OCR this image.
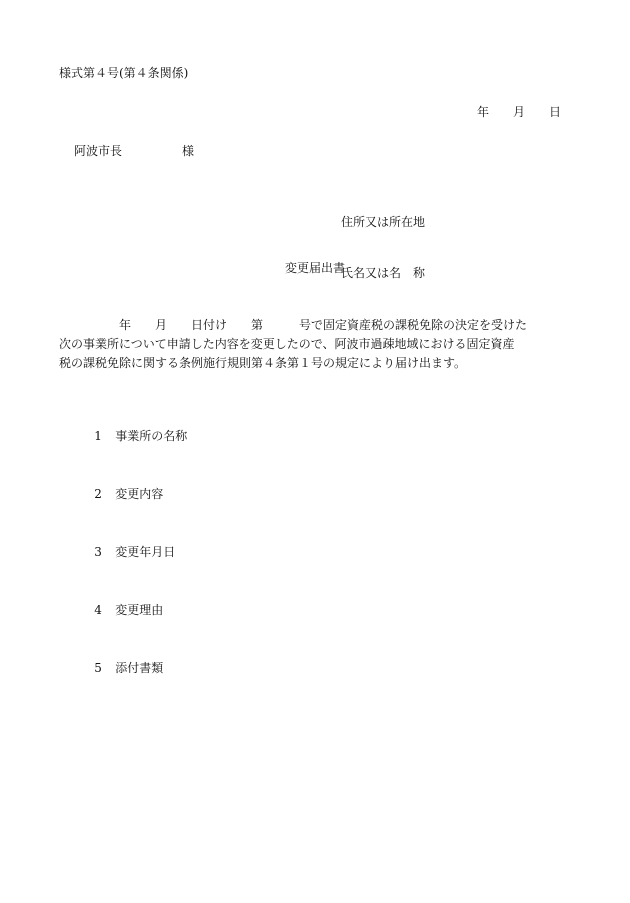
様式第４号(第４条関係)
年　　月　　日
阿波市長　　　　　様

住所又は所在地

氏名又は名　称

変更届出書
　　　　　年　　月　　日付け　　第　　　号で固定資産税の課税免除の決定を受けた
次の事業所について申請した内容を変更したので、阿波市過疎地域における固定資産
税の課税免除に関する条例施行規則第４条第１号の規定により届け出ます。

1 事業所の名称

2 変更内容

3 変更年月日

4 変更理由

5 添付書類
